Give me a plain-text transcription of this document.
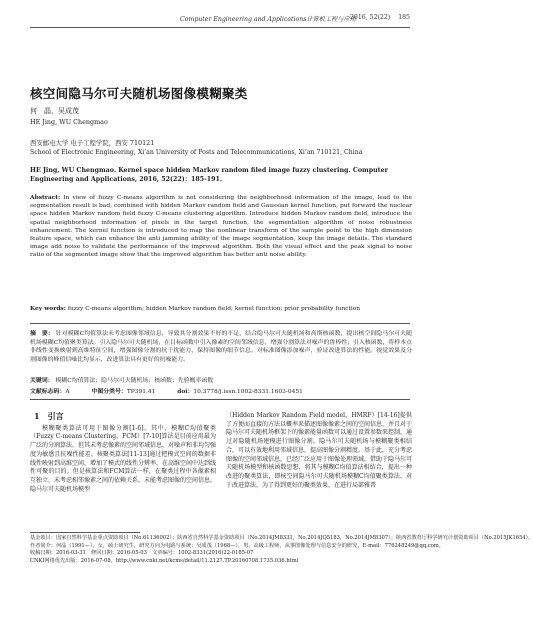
Computer Engineering and Applications计算机工程与应用
2016, 52(22) 185
核空间隐马尔可夫随机场图像模糊聚类
何　晶，吴成茂
HE Jing, WU Chengmao
西安邮电大学 电子工程学院，西安 710121
School of Electronic Engineering, Xi’an University of Posts and Telecommunications, Xi’an 710121, China
HE Jing, WU Chengmao. Kernel space hidden Markov random filed image fuzzy clustering. Computer Engineering and Applications, 2016, 52(22)：185-191.
Abstract: In view of fuzzy C-means algorithm is not considering the neighborhood information of the image, lead to the segmentation result is bad, combined with hidden Markov random field and Gaussian kernel function, put forward the nuclear space hidden Markov random field fuzzy C-means clustering algorithm. Introduce hidden Markov random field, introduce the spatial neighborhood information of pixels in the target function, the segmentation algorithm of noise robustness enhancement. The kernel function is introduced to map the nonlinear transform of the sample point to the high dimension feature space, which can enhance the anti jamming ability of the image segmentation, keep the image details. The standard image add noise to validate the performance of the improved algorithm. Both the visual effect and the peak signal to noise ratio of the segmented image show that the improved algorithm has better anti noise ability.
Key words: fuzzy C-means algorithm; hidden Markov random field; kernel function; prior probability function
摘　要： 针对模糊C均值算法未考虑图像邻域信息，导致其分割效果不好的不足，结合隐马尔可夫随机场和高斯核函数，提出核空间隐马尔可夫随机场模糊C均值聚类算法。引入隐马尔可夫随机场，在目标函数中引入像素的空间邻域信息，增强分割算法对噪声的鲁棒性；引入核函数，将样本点非线性变换映射到高维特征空间，增强图像分割的抗干扰能力，保持图像的细节信息。对标准图像添加噪声，验证改进算法的性能。视觉效果及分割图像的峰值信噪比均显示，改进算法具有更好的抗噪能力。
关键词： 模糊C均值算法；隐马尔可夫随机场；核函数；先验概率函数
文献标志码：A	中图分类号：TP391.41	doi：10.3778/j.issn.1002-8331.1603-0451
1　引言

模糊聚类算法可用于图像分割[1-6]。其中，模糊C均值聚类（Fuzzy C-means Clustering，FCM）[7-10]算法是目前应用最为广泛的分割算法，但其未考虑像素的空间邻域信息，对噪声和非均匀强度为敏感且抗噪性能差。核聚类算法[11-13]通过把模式空间的数据非线性映射到高维空间，增加了模式的线性分辨率，在高维空间中达到线性可聚的目的。但是核算法和FCM算法一样，在聚类过程中各像素相互独立，未考虑相邻像素之间的依赖关系，未能考虑图像的空间信息。隐马尔可夫随机场模型

（Hidden Markov Random Field model，HMRF）[14-16]提供了方便而直接的方法以概率来描述图像像素之间的空间信息，并且对于隐马尔可夫随机场框架下的像素能量函数可以通过设置参数来控制，通过对隐随机场建模进行图像分割。隐马尔可夫随机场与模糊聚类相结合，可以有效地利用邻域信息，提高图像分割精度。基于此，充分考虑图像的空间邻域信息，已经广泛应用于图像处理领域。借助于隐马尔可夫随机场模型和核函数思想，将其与模糊C均值算法相结合，提出一种改进的聚类算法，即核空间隐马尔可夫随机场模糊C均值聚类算法。对于改进算法，为了得到更好的聚类效果，在进行局部雅普

基金项目：国家自然科学基金重点资助项目（No.61136002）；陕西省自然科学基金资助项目（No.2014JM8331，No.2014JQ5183，No.2014JM8307）；陕西省教育厅科学研究计划资助项目（No.2015JK1654）。
作者简介：何晶（1991—），女，硕士研究生，研究方向为电路与系统；吴成茂（1968—），男，高级工程师，从事图像处理与信息安全的研究。E-mail：776248249@qq.com。
收稿日期：2016-03-31　修回日期：2016-05-03　文章编号：1002-8331(2016)22-0185-07
CNKI网络优先出版：2016-07-08，http://www.cnki.net/kcms/detail/11.2127.TP.20160708.1735.036.html
